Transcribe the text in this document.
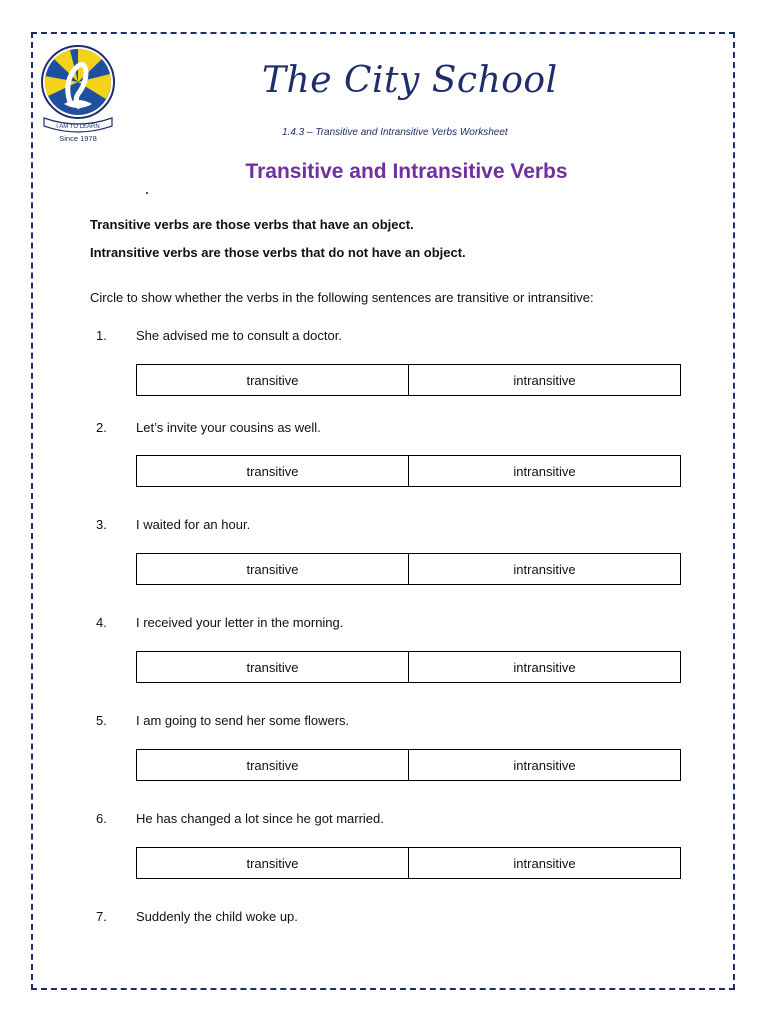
I AM TO LEARN
Since 1978
The City School
1.4.3 – Transitive and Intransitive Verbs Worksheet
Transitive and Intransitive Verbs
Transitive verbs are those verbs that have an object.
Intransitive verbs are those verbs that do not have an object.
Circle to show whether the verbs in the following sentences are transitive or intransitive:
1. She advised me to consult a doctor.
transitive	intransitive
2. Let’s invite your cousins as well.
transitive	intransitive
3. I waited for an hour.
transitive	intransitive
4. I received your letter in the morning.
transitive	intransitive
5. I am going to send her some flowers.
transitive	intransitive
6. He has changed a lot since he got married.
transitive	intransitive
7. Suddenly the child woke up.
